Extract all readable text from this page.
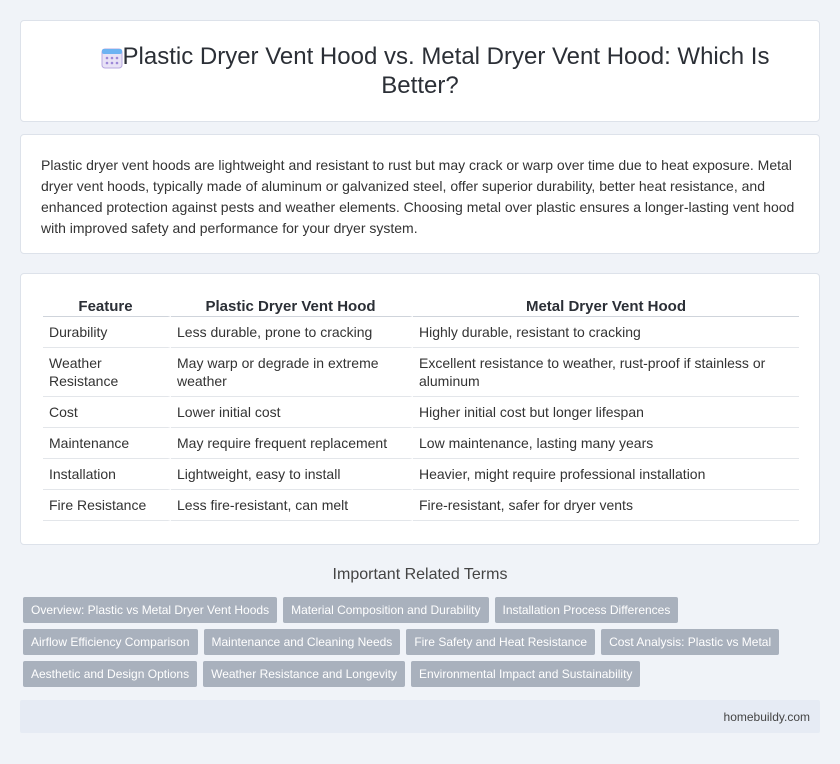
Plastic Dryer Vent Hood vs. Metal Dryer Vent Hood: Which Is Better?

Plastic dryer vent hoods are lightweight and resistant to rust but may crack or warp over time due to heat exposure. Metal dryer vent hoods, typically made of aluminum or galvanized steel, offer superior durability, better heat resistance, and enhanced protection against pests and weather elements. Choosing metal over plastic ensures a longer-lasting vent hood with improved safety and performance for your dryer system.

Feature	Plastic Dryer Vent Hood	Metal Dryer Vent Hood
Durability	Less durable, prone to cracking	Highly durable, resistant to cracking
Weather Resistance	May warp or degrade in extreme weather	Excellent resistance to weather, rust-proof if stainless or aluminum
Cost	Lower initial cost	Higher initial cost but longer lifespan
Maintenance	May require frequent replacement	Low maintenance, lasting many years
Installation	Lightweight, easy to install	Heavier, might require professional installation
Fire Resistance	Less fire-resistant, can melt	Fire-resistant, safer for dryer vents
Important Related Terms
Overview: Plastic vs Metal Dryer Vent Hoods	Material Composition and Durability	Installation Process Differences
Airflow Efficiency Comparison	Maintenance and Cleaning Needs	Fire Safety and Heat Resistance	Cost Analysis: Plastic vs Metal
Aesthetic and Design Options	Weather Resistance and Longevity	Environmental Impact and Sustainability
homebuildy.com
